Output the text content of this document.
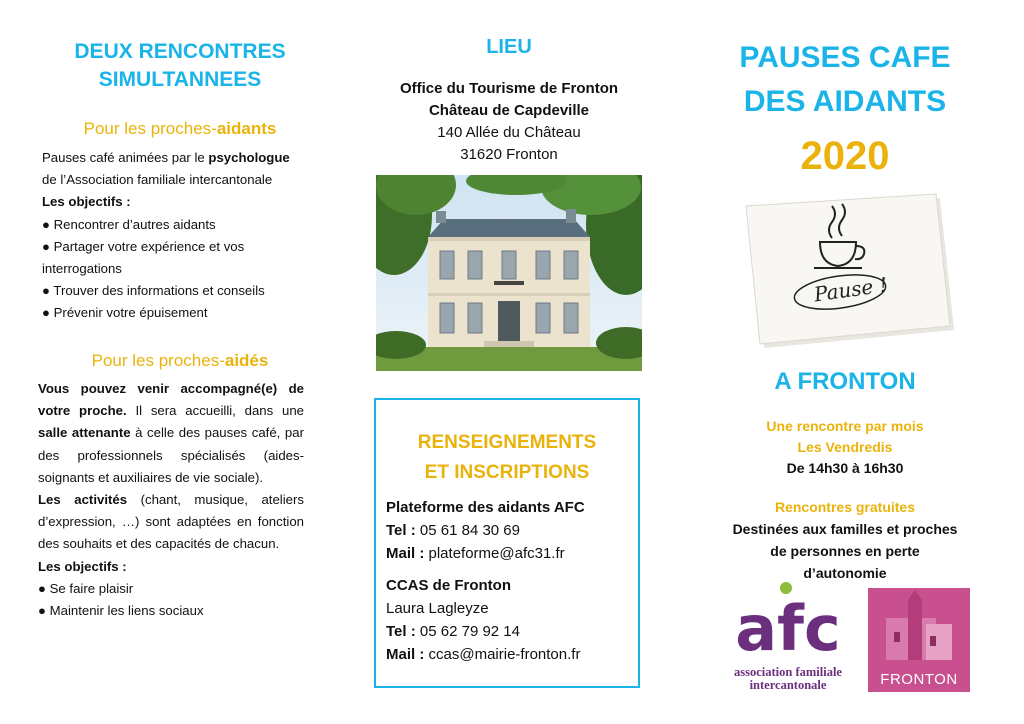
DEUX RENCONTRES
SIMULTANNEES
Pour les proches-aidants
Pauses café animées par le psychologue
de l’Association familiale intercantonale
Les objectifs :
● Rencontrer d’autres aidants
● Partager votre expérience et vos
interrogations
● Trouver des informations et conseils
● Prévenir votre épuisement
Pour les proches-aidés
Vous pouvez venir accompagné(e) de votre proche. Il sera accueilli, dans une salle attenante à celle des pauses café, par des professionnels spécialisés (aides-soignants et auxiliaires de vie sociale).
Les activités (chant, musique, ateliers d’expression, …) sont adaptées en fonction des souhaits et des capacités de chacun.
Les objectifs :
● Se faire plaisir
● Maintenir les liens sociaux
LIEU
Office du Tourisme de Fronton
Château de Capdeville
140 Allée du Château
31620 Fronton
RENSEIGNEMENTS
ET INSCRIPTIONS
Plateforme des aidants AFC
Tel : 05 61 84 30 69
Mail : plateforme@afc31.fr
CCAS de Fronton
Laura Lagleyze
Tel : 05 62 79 92 14
Mail : ccas@mairie-fronton.fr
PAUSES CAFE
DES AIDANTS
2020
Pause !
A FRONTON
Une rencontre par mois
Les Vendredis
De 14h30 à 16h30
Rencontres gratuites
Destinées aux familles et proches
de personnes en perte
d’autonomie
afc
association familiale
intercantonale	FRONTON
